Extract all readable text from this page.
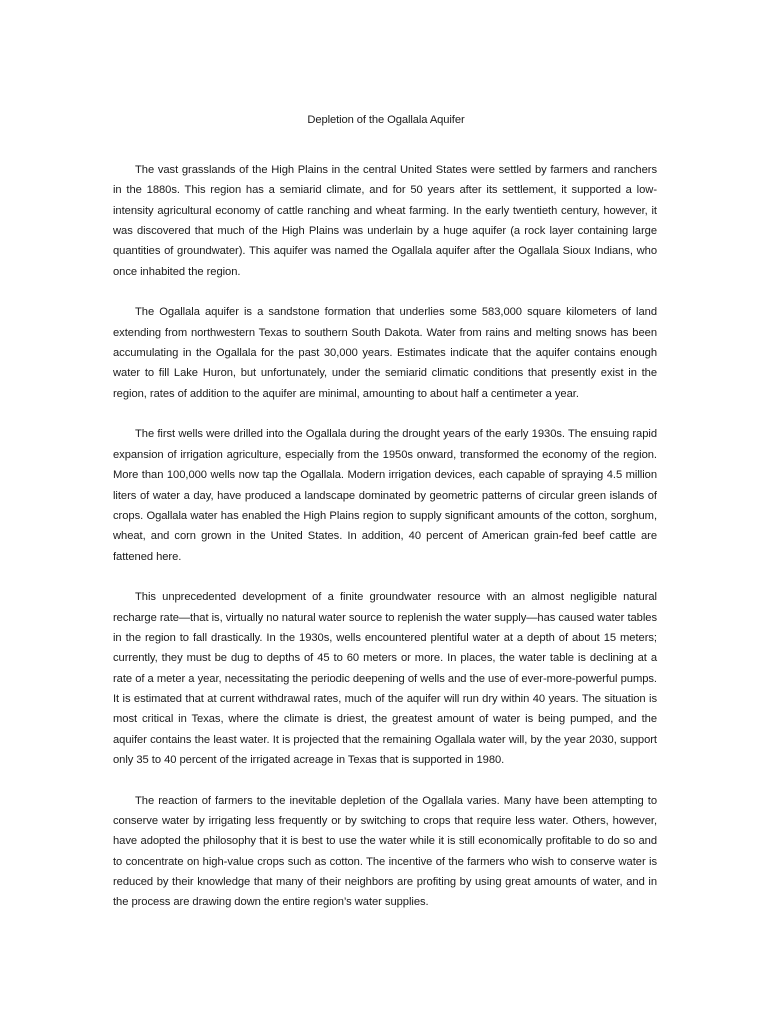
Depletion of the Ogallala Aquifer

The vast grasslands of the High Plains in the central United States were settled by farmers and ranchers in the 1880s. This region has a semiarid climate, and for 50 years after its settlement, it supported a low-intensity agricultural economy of cattle ranching and wheat farming. In the early twentieth century, however, it was discovered that much of the High Plains was underlain by a huge aquifer (a rock layer containing large quantities of groundwater). This aquifer was named the Ogallala aquifer after the Ogallala Sioux Indians, who once inhabited the region.

The Ogallala aquifer is a sandstone formation that underlies some 583,000 square kilometers of land extending from northwestern Texas to southern South Dakota. Water from rains and melting snows has been accumulating in the Ogallala for the past 30,000 years. Estimates indicate that the aquifer contains enough water to fill Lake Huron, but unfortunately, under the semiarid climatic conditions that presently exist in the region, rates of addition to the aquifer are minimal, amounting to about half a centimeter a year.

The first wells were drilled into the Ogallala during the drought years of the early 1930s. The ensuing rapid expansion of irrigation agriculture, especially from the 1950s onward, transformed the economy of the region. More than 100,000 wells now tap the Ogallala. Modern irrigation devices, each capable of spraying 4.5 million liters of water a day, have produced a landscape dominated by geometric patterns of circular green islands of crops. Ogallala water has enabled the High Plains region to supply significant amounts of the cotton, sorghum, wheat, and corn grown in the United States. In addition, 40 percent of American grain-fed beef cattle are fattened here.

This unprecedented development of a finite groundwater resource with an almost negligible natural recharge rate—that is, virtually no natural water source to replenish the water supply—has caused water tables in the region to fall drastically. In the 1930s, wells encountered plentiful water at a depth of about 15 meters; currently, they must be dug to depths of 45 to 60 meters or more. In places, the water table is declining at a rate of a meter a year, necessitating the periodic deepening of wells and the use of ever-more-powerful pumps. It is estimated that at current withdrawal rates, much of the aquifer will run dry within 40 years. The situation is most critical in Texas, where the climate is driest, the greatest amount of water is being pumped, and the aquifer contains the least water. It is projected that the remaining Ogallala water will, by the year 2030, support only 35 to 40 percent of the irrigated acreage in Texas that is supported in 1980.

The reaction of farmers to the inevitable depletion of the Ogallala varies. Many have been attempting to conserve water by irrigating less frequently or by switching to crops that require less water. Others, however, have adopted the philosophy that it is best to use the water while it is still economically profitable to do so and to concentrate on high-value crops such as cotton. The incentive of the farmers who wish to conserve water is reduced by their knowledge that many of their neighbors are profiting by using great amounts of water, and in the process are drawing down the entire region’s water supplies.
